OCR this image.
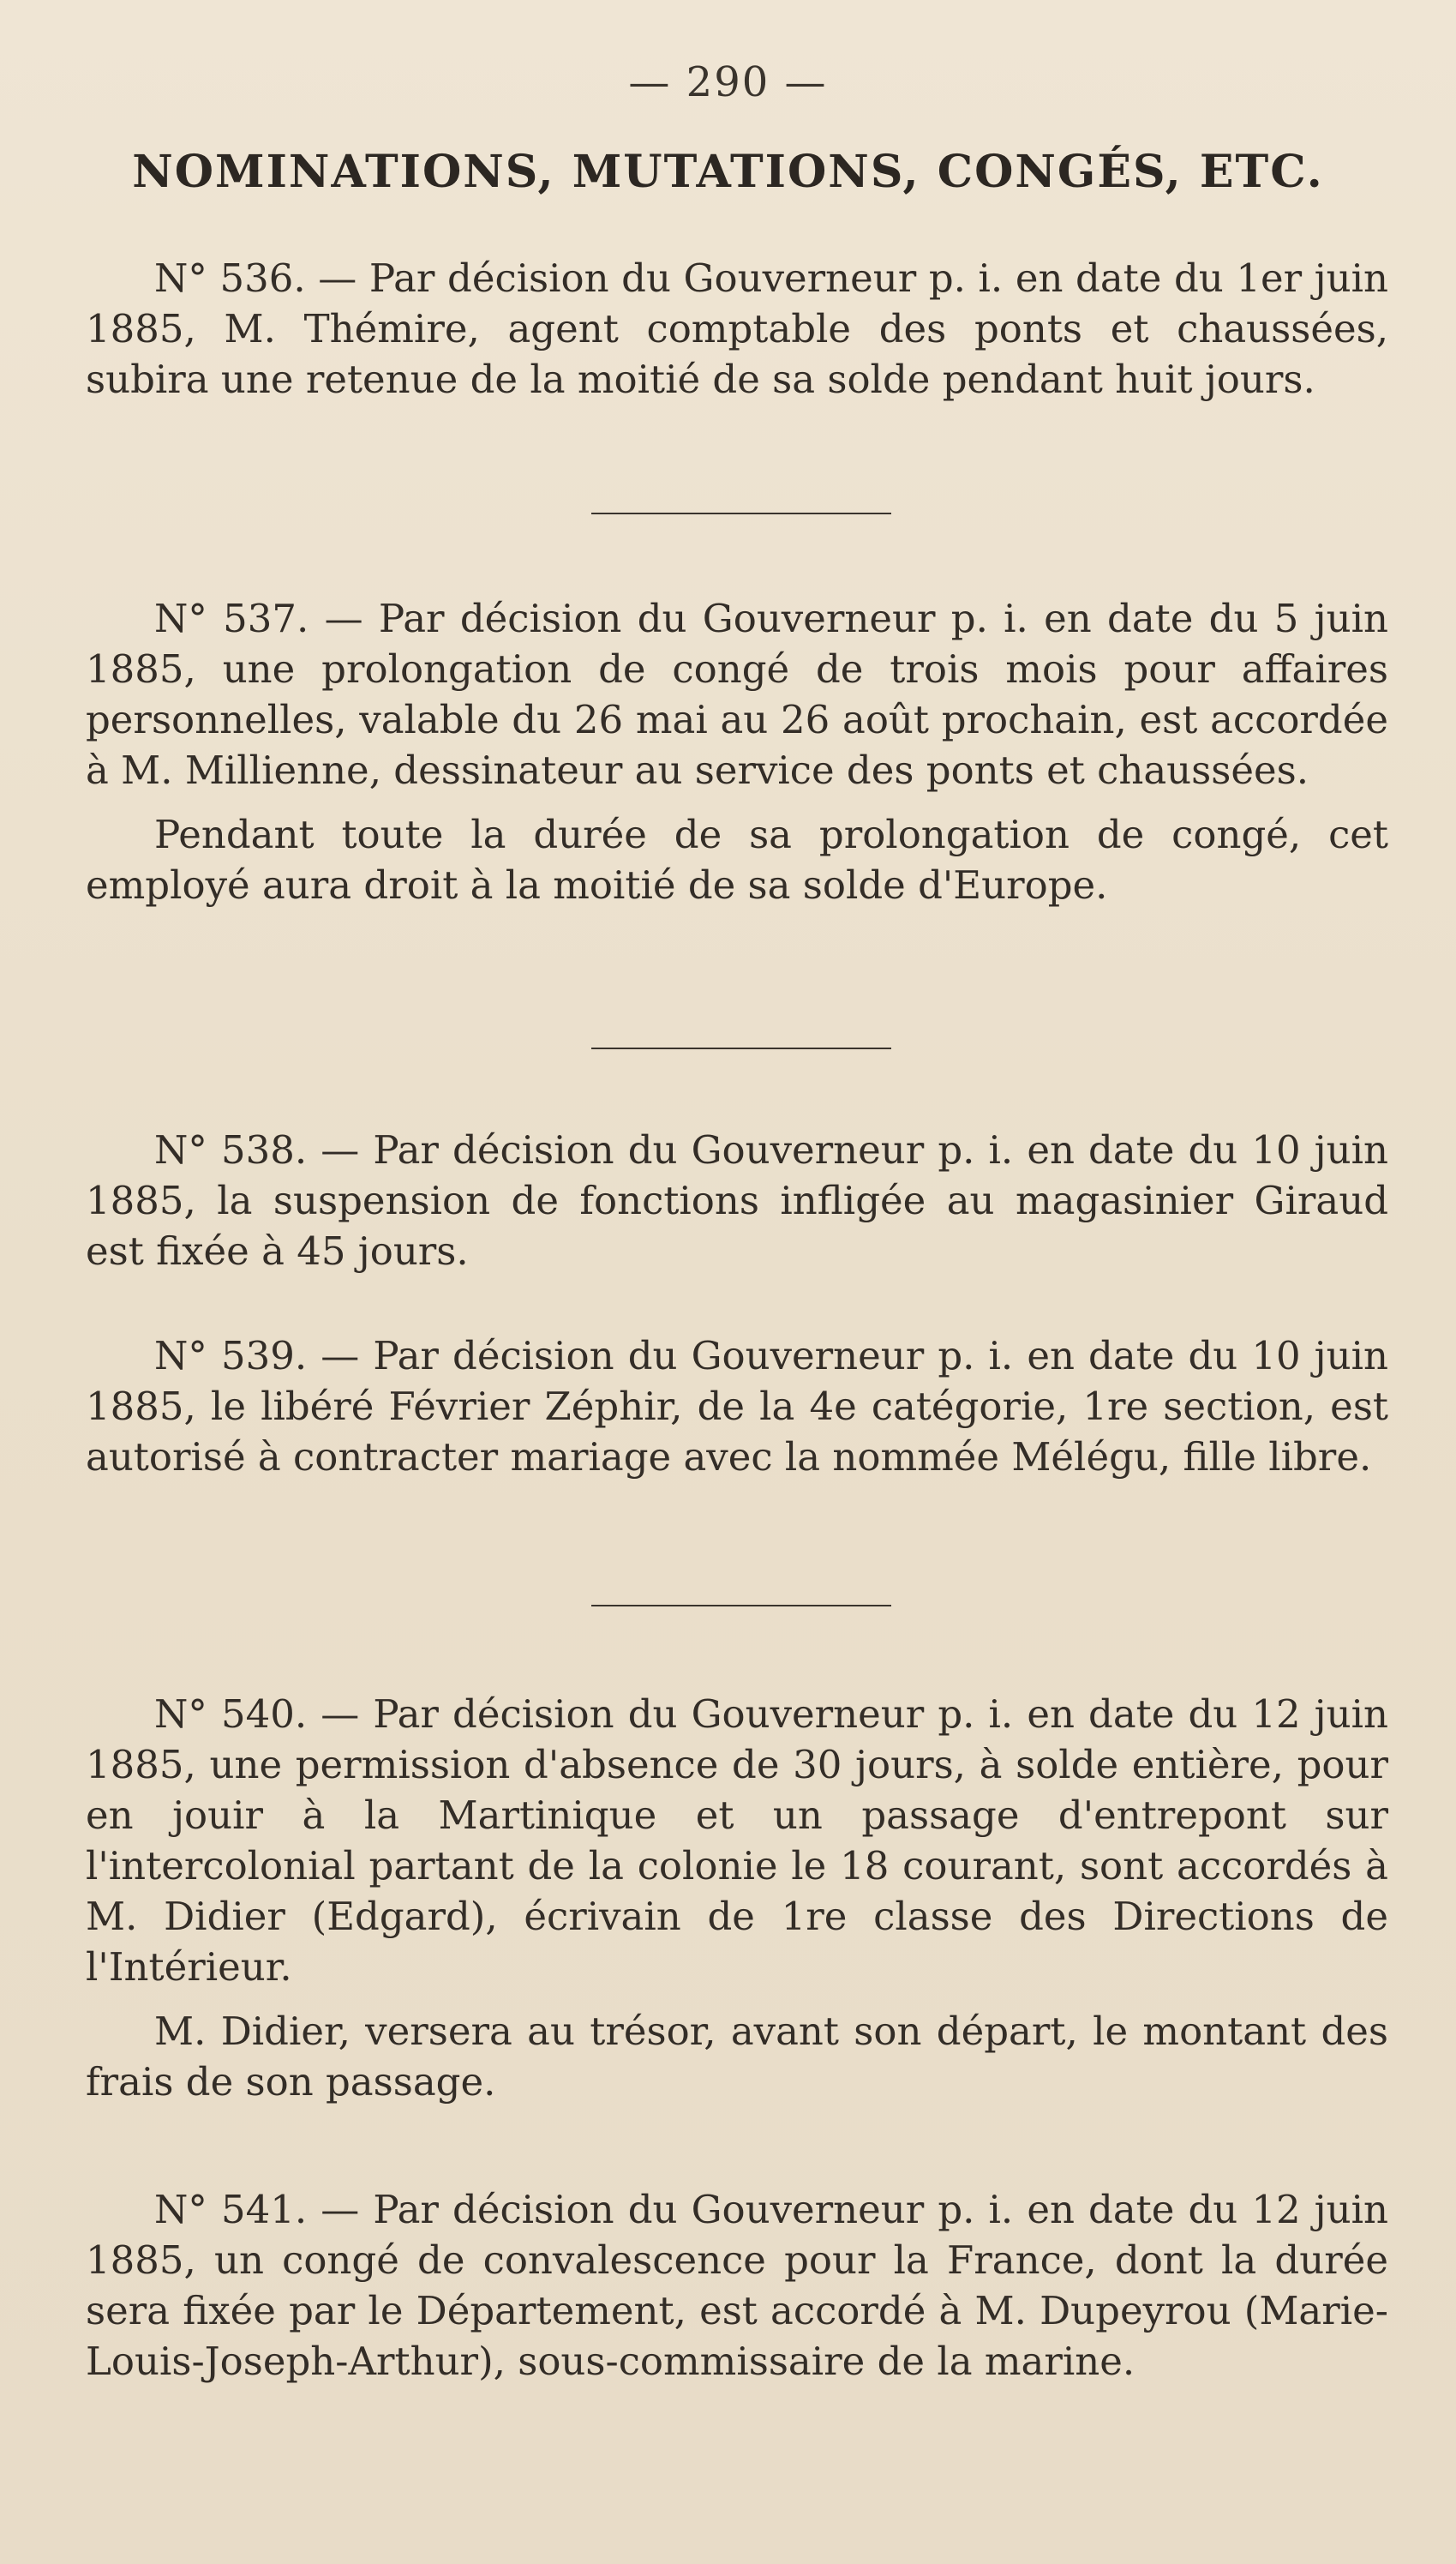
— 290 —
NOMINATIONS, MUTATIONS, CONGÉS, ETC.

N° 536. — Par décision du Gouverneur p. i. en date du 1er juin 1885, M. Thémire, agent comptable des ponts et chaussées, subira une retenue de la moitié de sa solde pendant huit jours.

N° 537. — Par décision du Gouverneur p. i. en date du 5 juin 1885, une prolongation de congé de trois mois pour affaires personnelles, valable du 26 mai au 26 août prochain, est accordée à M. Millienne, dessinateur au service des ponts et chaussées.

Pendant toute la durée de sa prolongation de congé, cet employé aura droit à la moitié de sa solde d'Europe.

N° 538. — Par décision du Gouverneur p. i. en date du 10 juin 1885, la suspension de fonctions infligée au magasinier Giraud est fixée à 45 jours.

N° 539. — Par décision du Gouverneur p. i. en date du 10 juin 1885, le libéré Février Zéphir, de la 4e catégorie, 1re section, est autorisé à contracter mariage avec la nommée Mélégu, fille libre.

N° 540. — Par décision du Gouverneur p. i. en date du 12 juin 1885, une permission d'absence de 30 jours, à solde entière, pour en jouir à la Martinique et un passage d'entrepont sur l'intercolonial partant de la colonie le 18 courant, sont accordés à M. Didier (Edgard), écrivain de 1re classe des Directions de l'Intérieur.

M. Didier, versera au trésor, avant son départ, le montant des frais de son passage.

N° 541. — Par décision du Gouverneur p. i. en date du 12 juin 1885, un congé de convalescence pour la France, dont la durée sera fixée par le Département, est accordé à M. Dupeyrou (Marie-Louis-Joseph-Arthur), sous-commissaire de la marine.
